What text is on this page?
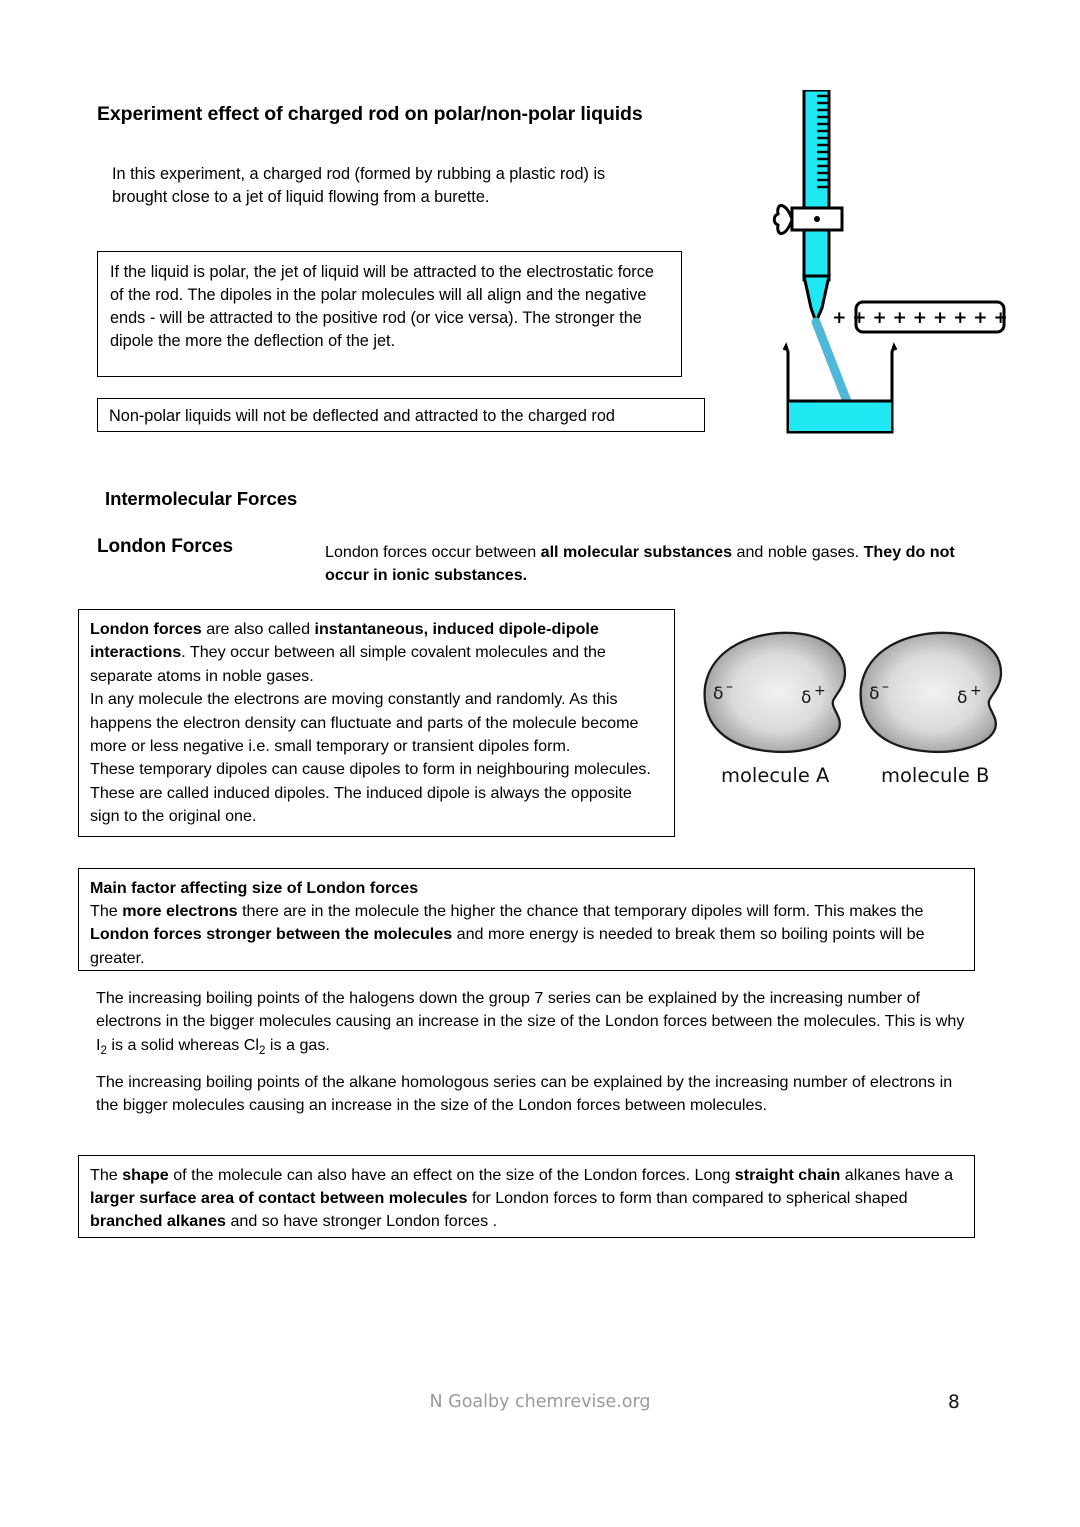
Experiment effect of charged rod on polar/non-polar liquids
In this experiment, a charged rod (formed by rubbing a plastic rod) is brought close to a jet of liquid flowing from a burette.
If the liquid is polar, the jet of liquid will be attracted to the electrostatic force of the rod. The dipoles in the polar molecules will all align and the negative ends - will be attracted to the positive rod (or vice versa). The stronger the dipole the more the deflection of the jet.
Non-polar liquids will not be deflected and attracted to the charged rod
+ + + + + + + + + +
Intermolecular Forces
London Forces	London forces occur between all molecular substances and noble gases. They do not occur in ionic substances.
London forces are also called instantaneous, induced dipole-dipole interactions. They occur between all simple covalent molecules and the separate atoms in noble gases.
In any molecule the electrons are moving constantly and randomly. As this happens the electron density can fluctuate and parts of the molecule become more or less negative i.e. small temporary or transient dipoles form.
These temporary dipoles can cause dipoles to form in neighbouring molecules. These are called induced dipoles. The induced dipole is always the opposite sign to the original one.
δ –
δ +	δ –
δ +
molecule A	molecule B
Main factor affecting size of London forces
The more electrons there are in the molecule the higher the chance that temporary dipoles will form. This makes the London forces stronger between the molecules and more energy is needed to break them so boiling points will be greater.
The increasing boiling points of the halogens down the group 7 series can be explained by the increasing number of electrons in the bigger molecules causing an increase in the size of the London forces between the molecules. This is why $I_2$ is a solid whereas $Cl_2$ is a gas.
The increasing boiling points of the alkane homologous series can be explained by the increasing number of electrons in the bigger molecules causing an increase in the size of the London forces between molecules.
The shape of the molecule can also have an effect on the size of the London forces. Long straight chain alkanes have a larger surface area of contact between molecules for London forces to form than compared to spherical shaped branched alkanes and so have stronger London forces .
N Goalby chemrevise.org	8
